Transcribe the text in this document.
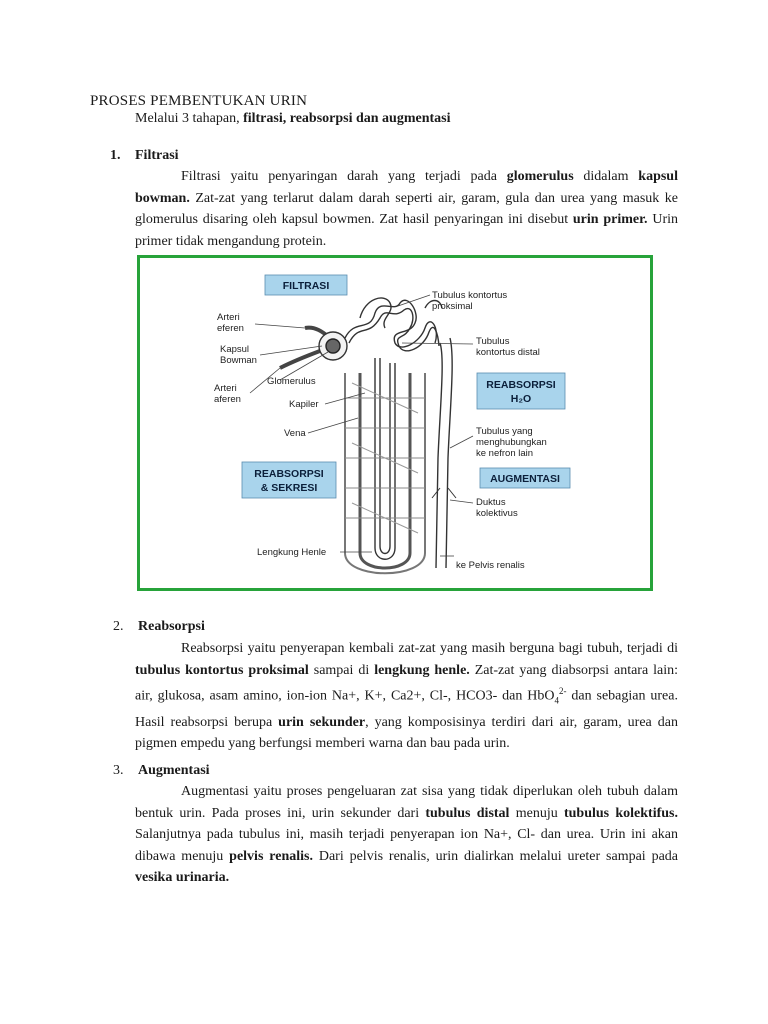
PROSES PEMBENTUKAN URIN
Melalui 3 tahapan, filtrasi, reabsorpsi dan augmentasi
1. Filtrasi

Filtrasi yaitu penyaringan darah yang terjadi pada glomerulus didalam kapsul bowman. Zat-zat yang terlarut dalam darah seperti air, garam, gula dan urea yang masuk ke glomerulus disaring oleh kapsul bowmen. Zat hasil penyaringan ini disebut urin primer. Urin primer tidak mengandung protein.

FILTRASI
REABSORPSI
H₂O
REABSORPSI
& SEKRESI
AUGMENTASI
Arteri
eferen
Kapsul
Bowman
Arteri
aferen
Glomerulus
Kapiler
Vena
Lengkung Henle
Tubulus kontortus
proksimal
Tubulus
kontortus distal
Tubulus yang
menghubungkan
ke nefron lain
Duktus
kolektivus
ke Pelvis renalis
2. Reabsorpsi

Reabsorpsi yaitu penyerapan kembali zat-zat yang masih berguna bagi tubuh, terjadi di tubulus kontortus proksimal sampai di lengkung henle. Zat-zat yang diabsorpsi antara lain: air, glukosa, asam amino, ion-ion Na+, K+, Ca2+, Cl-, HCO3- dan HbO$_4^{2-}$ dan sebagian urea. Hasil reabsorpsi berupa urin sekunder, yang komposisinya terdiri dari air, garam, urea dan pigmen empedu yang berfungsi memberi warna dan bau pada urin.

3. Augmentasi

Augmentasi yaitu proses pengeluaran zat sisa yang tidak diperlukan oleh tubuh dalam bentuk urin. Pada proses ini, urin sekunder dari tubulus distal menuju tubulus kolektifus. Salanjutnya pada tubulus ini, masih terjadi penyerapan ion Na+, Cl- dan urea. Urin ini akan dibawa menuju pelvis renalis. Dari pelvis renalis, urin dialirkan melalui ureter sampai pada vesika urinaria.
